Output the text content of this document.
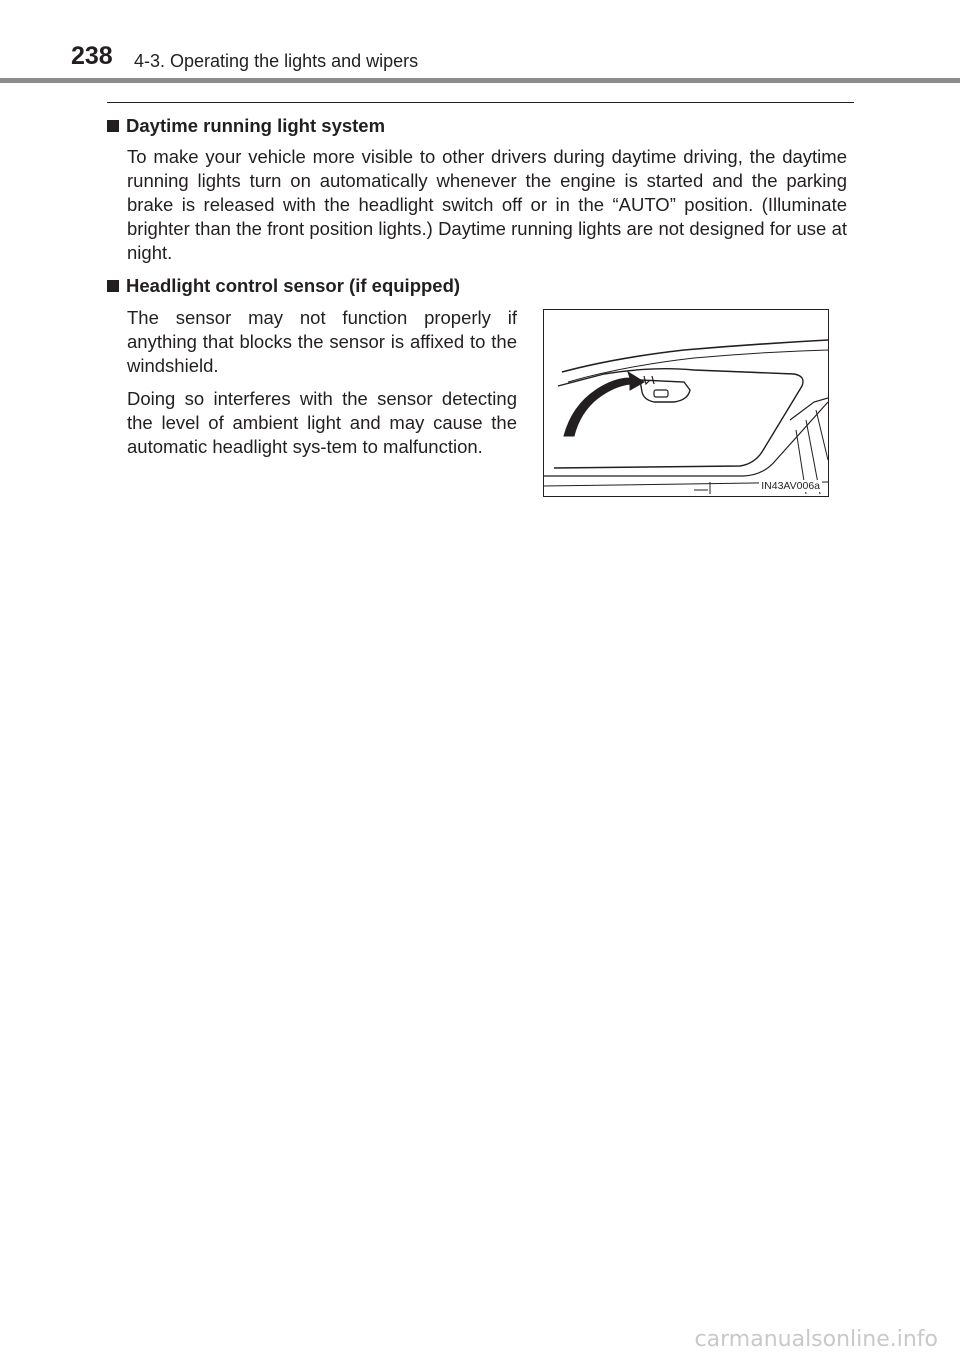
238 4-3. Operating the lights and wipers
Daytime running light system

To make your vehicle more visible to other drivers during daytime driving, the daytime running lights turn on automatically whenever the engine is started and the parking brake is released with the headlight switch off or in the “AUTO” position. (Illuminate brighter than the front position lights.) Daytime running lights are not designed for use at night.

Headlight control sensor (if equipped)

The sensor may not function properly if anything that blocks the sensor is affixed to the windshield.

Doing so interferes with the sensor detecting the level of ambient light and may cause the automatic headlight sys-tem to malfunction.

IN43AV006a
carmanualsonline.info
